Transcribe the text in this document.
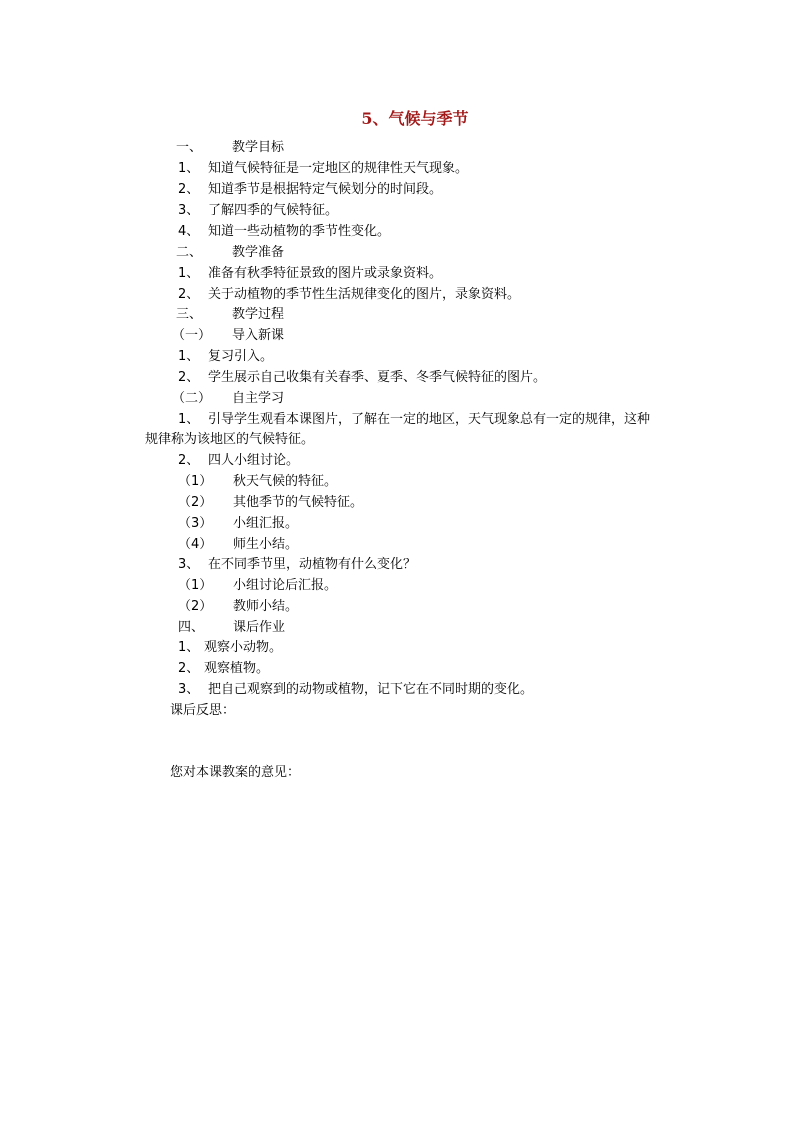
5、气候与季节
一、 教学目标
1、 知道气候特征是一定地区的规律性天气现象。
2、 知道季节是根据特定气候划分的时间段。
3、 了解四季的气候特征。
4、 知道一些动植物的季节性变化。
二、 教学准备
1、 准备有秋季特征景致的图片或录象资料。
2、 关于动植物的季节性生活规律变化的图片，录象资料。
三、 教学过程
（一） 导入新课
1、 复习引入。
2、 学生展示自己收集有关春季、夏季、冬季气候特征的图片。
（二） 自主学习
1、 引导学生观看本课图片，了解在一定的地区，天气现象总有一定的规律，这种
规律称为该地区的气候特征。
2、 四人小组讨论。
（1） 秋天气候的特征。
（2） 其他季节的气候特征。
（3） 小组汇报。
（4） 师生小结。
3、 在不同季节里，动植物有什么变化？
（1） 小组讨论后汇报。
（2） 教师小结。
四、 课后作业
1、 观察小动物。
2、 观察植物。
3、 把自己观察到的动物或植物，记下它在不同时期的变化。
课后反思：
您对本课教案的意见：
